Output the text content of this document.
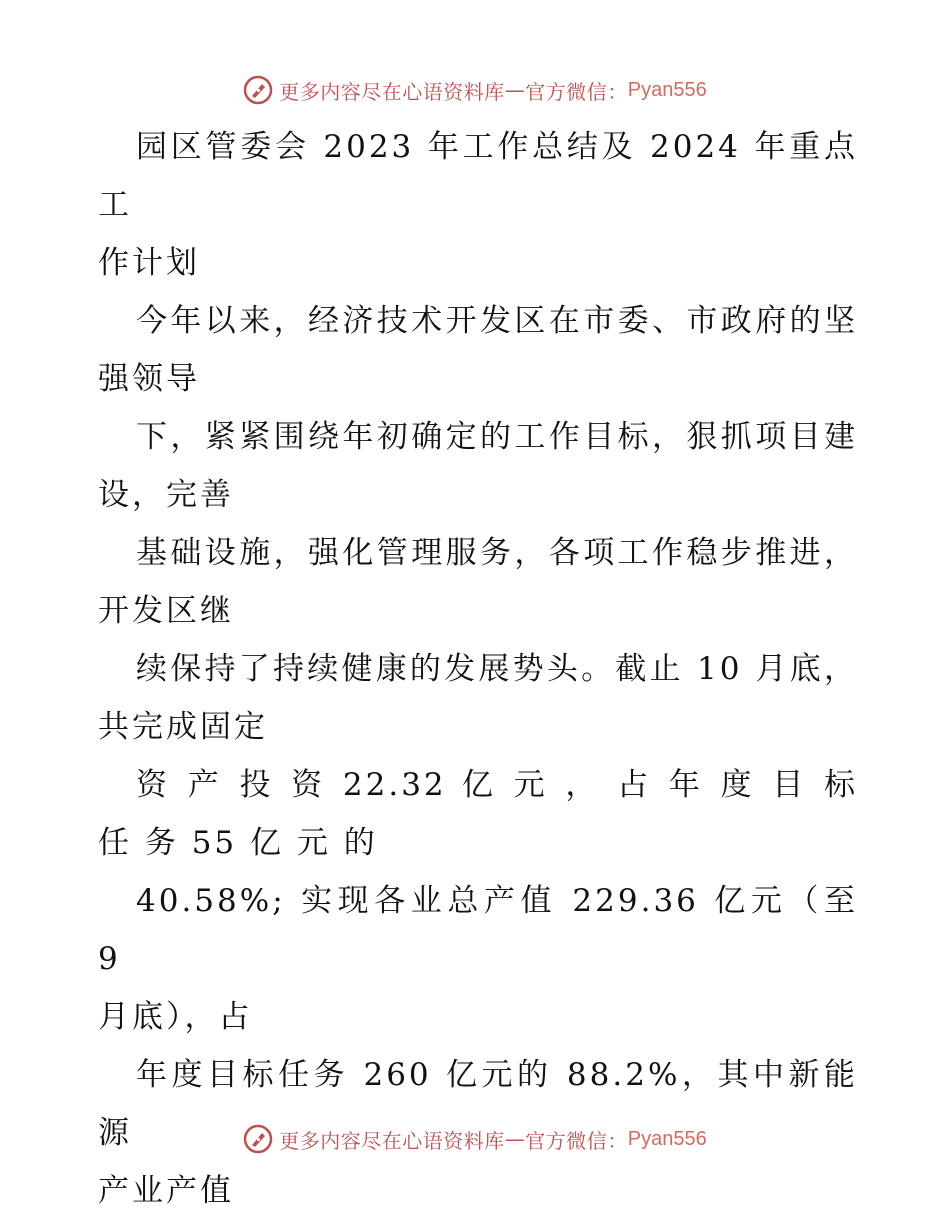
更多内容尽在心语资料库 — 官方微信： Pyan556

园区管委会 2023 年工作总结及 2024 年重点工
作计划

今年以来，经济技术开发区在市委、市政府的坚
强领导

下，紧紧围绕年初确定的工作目标，狠抓项目建
设，完善

基础设施，强化管理服务，各项工作稳步推进，
开发区继

续保持了持续健康的发展势头。截止 10 月底，
共完成固定

资 产 投 资 22.32 亿 元 ， 占 年 度 目 标
任 务 55 亿 元 的

40.58%; 实现各业总产值 229.36 亿元（至 9
月底），占

年度目标任务 260 亿元的 88.2%，其中新能源
产业产值

更多内容尽在心语资料库 — 官方微信： Pyan556
